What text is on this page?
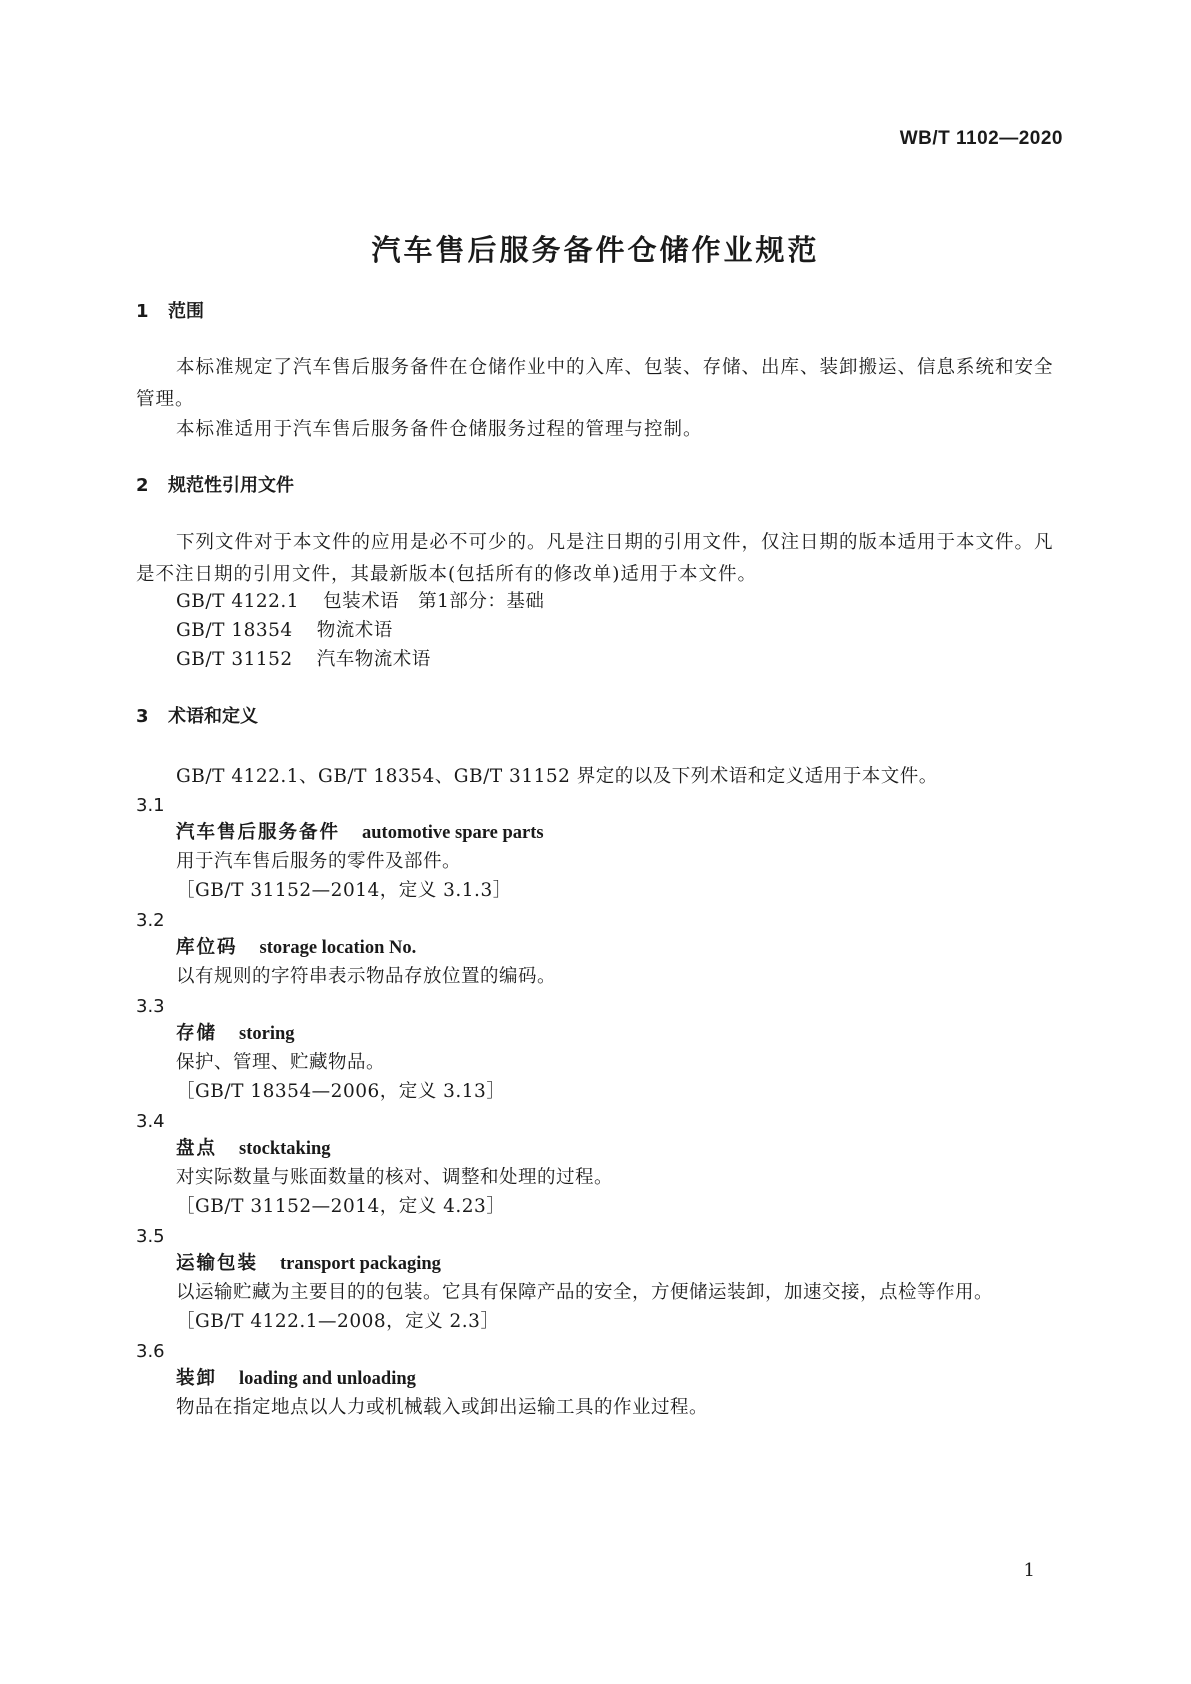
WB/T 1102—2020
汽车售后服务备件仓储作业规范
1 范围
本标准规定了汽车售后服务备件在仓储作业中的入库、包装、存储、出库、装卸搬运、信息系统和安全管理。
本标准适用于汽车售后服务备件仓储服务过程的管理与控制。
2 规范性引用文件
下列文件对于本文件的应用是必不可少的。凡是注日期的引用文件，仅注日期的版本适用于本文件。凡是不注日期的引用文件，其最新版本(包括所有的修改单)适用于本文件。
GB/T 4122.1 包装术语　第1部分：基础
GB/T 18354 物流术语
GB/T 31152 汽车物流术语
3 术语和定义
GB/T 4122.1、GB/T 18354、GB/T 31152 界定的以及下列术语和定义适用于本文件。
3.1
汽车售后服务备件 automotive spare parts
用于汽车售后服务的零件及部件。
［GB/T 31152—2014，定义 3.1.3］
3.2
库位码 storage location No.
以有规则的字符串表示物品存放位置的编码。
3.3
存储 storing
保护、管理、贮藏物品。
［GB/T 18354—2006，定义 3.13］
3.4
盘点 stocktaking
对实际数量与账面数量的核对、调整和处理的过程。
［GB/T 31152—2014，定义 4.23］
3.5
运输包装 transport packaging
以运输贮藏为主要目的的包装。它具有保障产品的安全，方便储运装卸，加速交接，点检等作用。
［GB/T 4122.1—2008，定义 2.3］
3.6
装卸 loading and unloading
物品在指定地点以人力或机械载入或卸出运输工具的作业过程。
1
